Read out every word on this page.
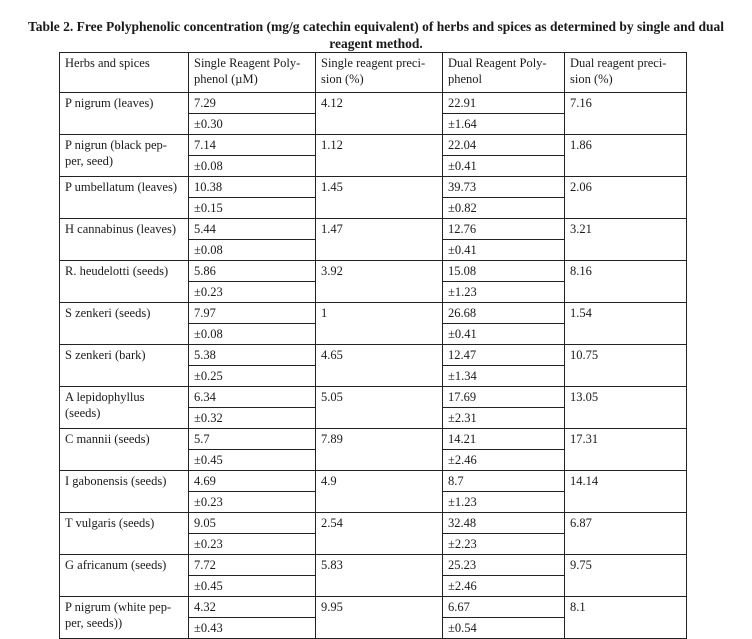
Table 2. Free Polyphenolic concentration (mg/g catechin equivalent) of herbs and spices as determined by single and dual
reagent method.
Herbs and spices	Single Reagent Poly-phenol (µM)	Single reagent preci-sion (%)	Dual Reagent Poly-phenol	Dual reagent preci-sion (%)
P nigrum (leaves)	7.29	4.12	22.91	7.16
	±0.30		±1.64	
P nigrun (black pep-per, seed)	7.14	1.12	22.04	1.86
	±0.08		±0.41	
P umbellatum (leaves)	10.38	1.45	39.73	2.06
	±0.15		±0.82	
H cannabinus (leaves)	5.44	1.47	12.76	3.21
	±0.08		±0.41	
R. heudelotti (seeds)	5.86	3.92	15.08	8.16
	±0.23		±1.23	
S zenkeri (seeds)	7.97	1	26.68	1.54
	±0.08		±0.41	
S zenkeri (bark)	5.38	4.65	12.47	10.75
	±0.25		±1.34	
A lepidophyllus (seeds)	6.34	5.05	17.69	13.05
	±0.32		±2.31	
C mannii (seeds)	5.7	7.89	14.21	17.31
	±0.45		±2.46	
I gabonensis (seeds)	4.69	4.9	8.7	14.14
	±0.23		±1.23	
T vulgaris (seeds)	9.05	2.54	32.48	6.87
	±0.23		±2.23	
G africanum (seeds)	7.72	5.83	25.23	9.75
	±0.45		±2.46	
P nigrum (white pep-per, seeds))	4.32	9.95	6.67	8.1
	±0.43		±0.54	
